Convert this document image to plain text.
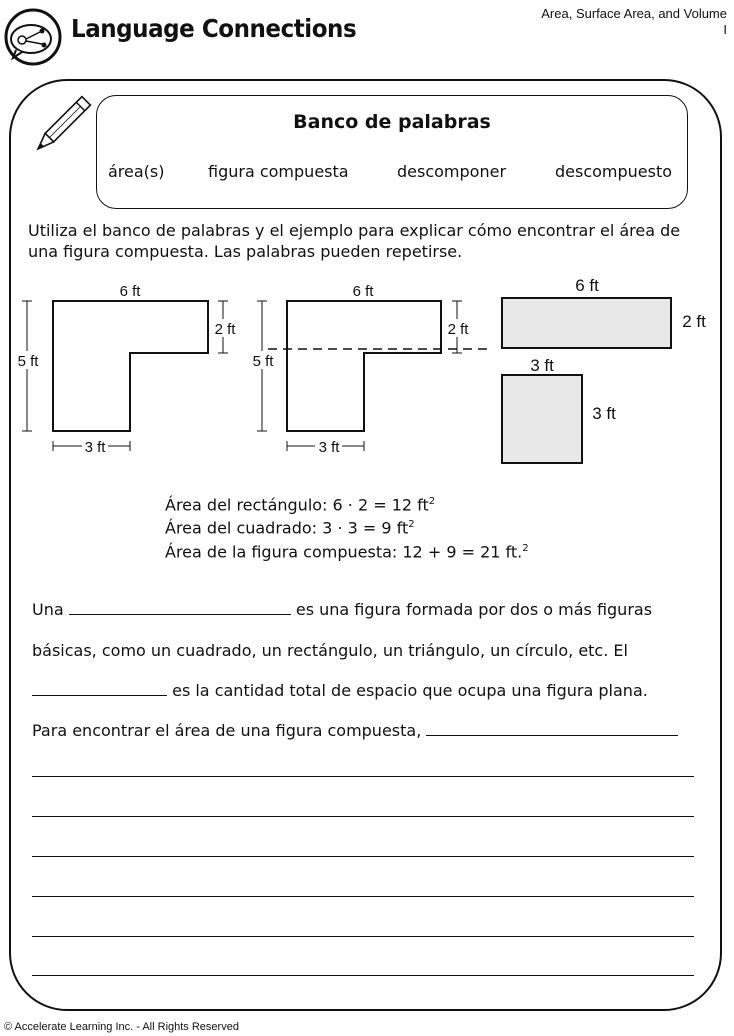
Language Connections
Area, Surface Area, and Volume
I
Banco de palabras
área(s)	figura compuesta	descomponer	descompuesto
Utiliza el banco de palabras y el ejemplo para explicar cómo encontrar el área de una figura compuesta. Las palabras pueden repetirse.
6 ft
5 ft
2 ft
3 ft
6 ft
5 ft
2 ft
3 ft
6 ft
2 ft
3 ft
3 ft
Área del rectángulo: 6 · 2 = 12 $ft^2$
Área del cuadrado: 3 · 3 = 9 $ft^2$
Área de la figura compuesta: 12 + 9 = 21 ft.$^2$
Una	es una figura formada por dos o más figuras
básicas, como un cuadrado, un rectángulo, un triángulo, un círculo, etc. El
es la cantidad total de espacio que ocupa una figura plana.
Para encontrar el área de una figura compuesta,
© Accelerate Learning Inc. - All Rights Reserved
